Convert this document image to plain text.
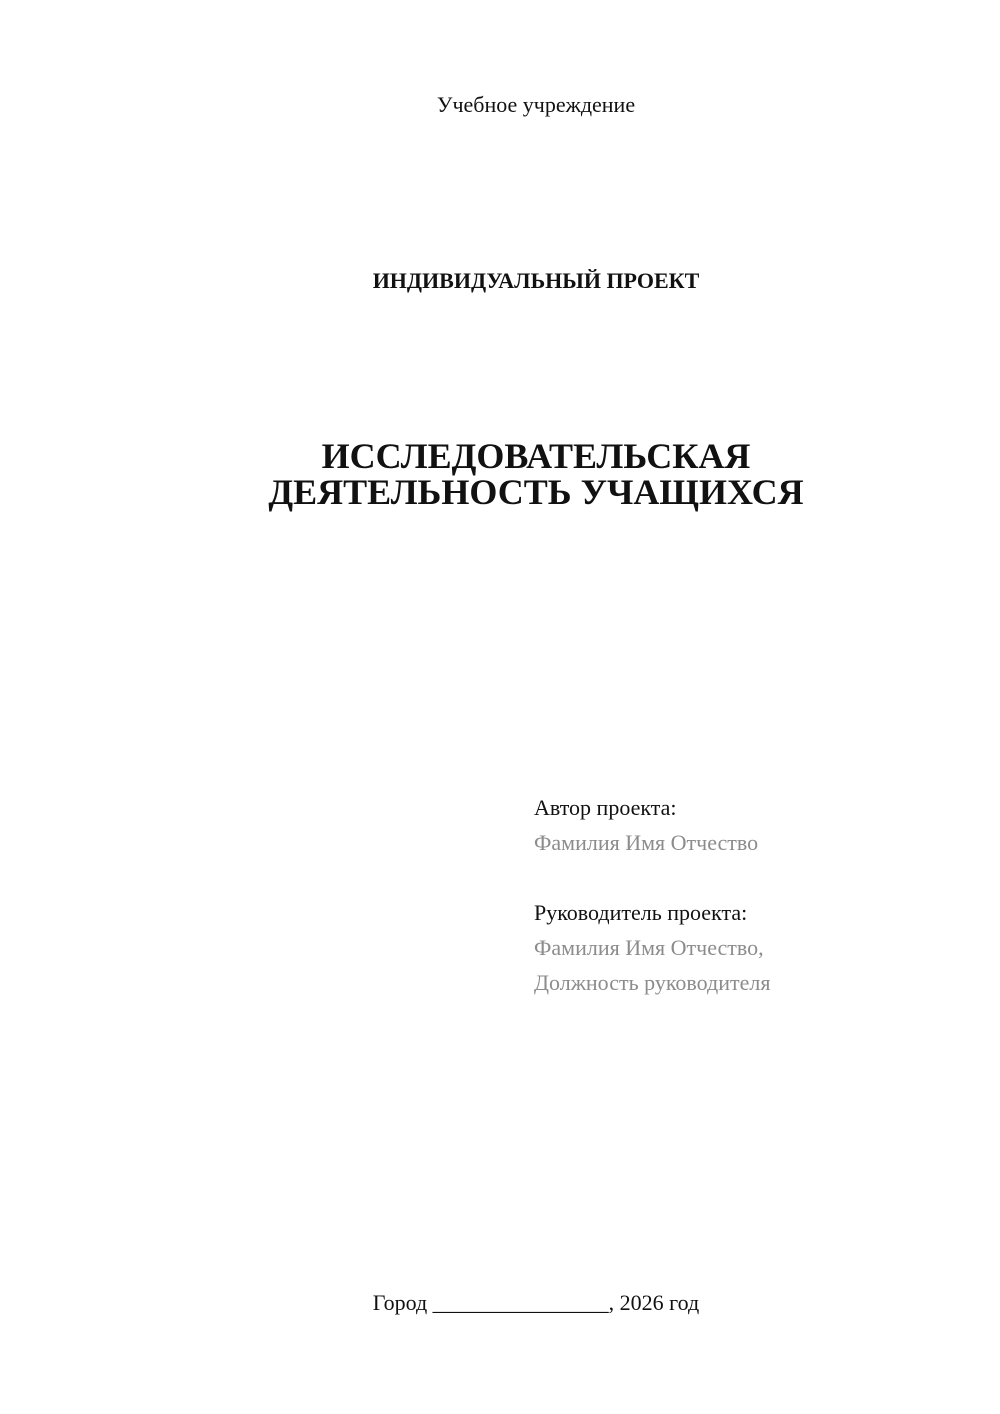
Учебное учреждение
ИНДИВИДУАЛЬНЫЙ ПРОЕКТ
ИССЛЕДОВАТЕЛЬСКАЯ
ДЕЯТЕЛЬНОСТЬ УЧАЩИХСЯ
Автор проекта:
Фамилия Имя Отчество
Руководитель проекта:
Фамилия Имя Отчество,
Должность руководителя
Город ________________, 2026 год
